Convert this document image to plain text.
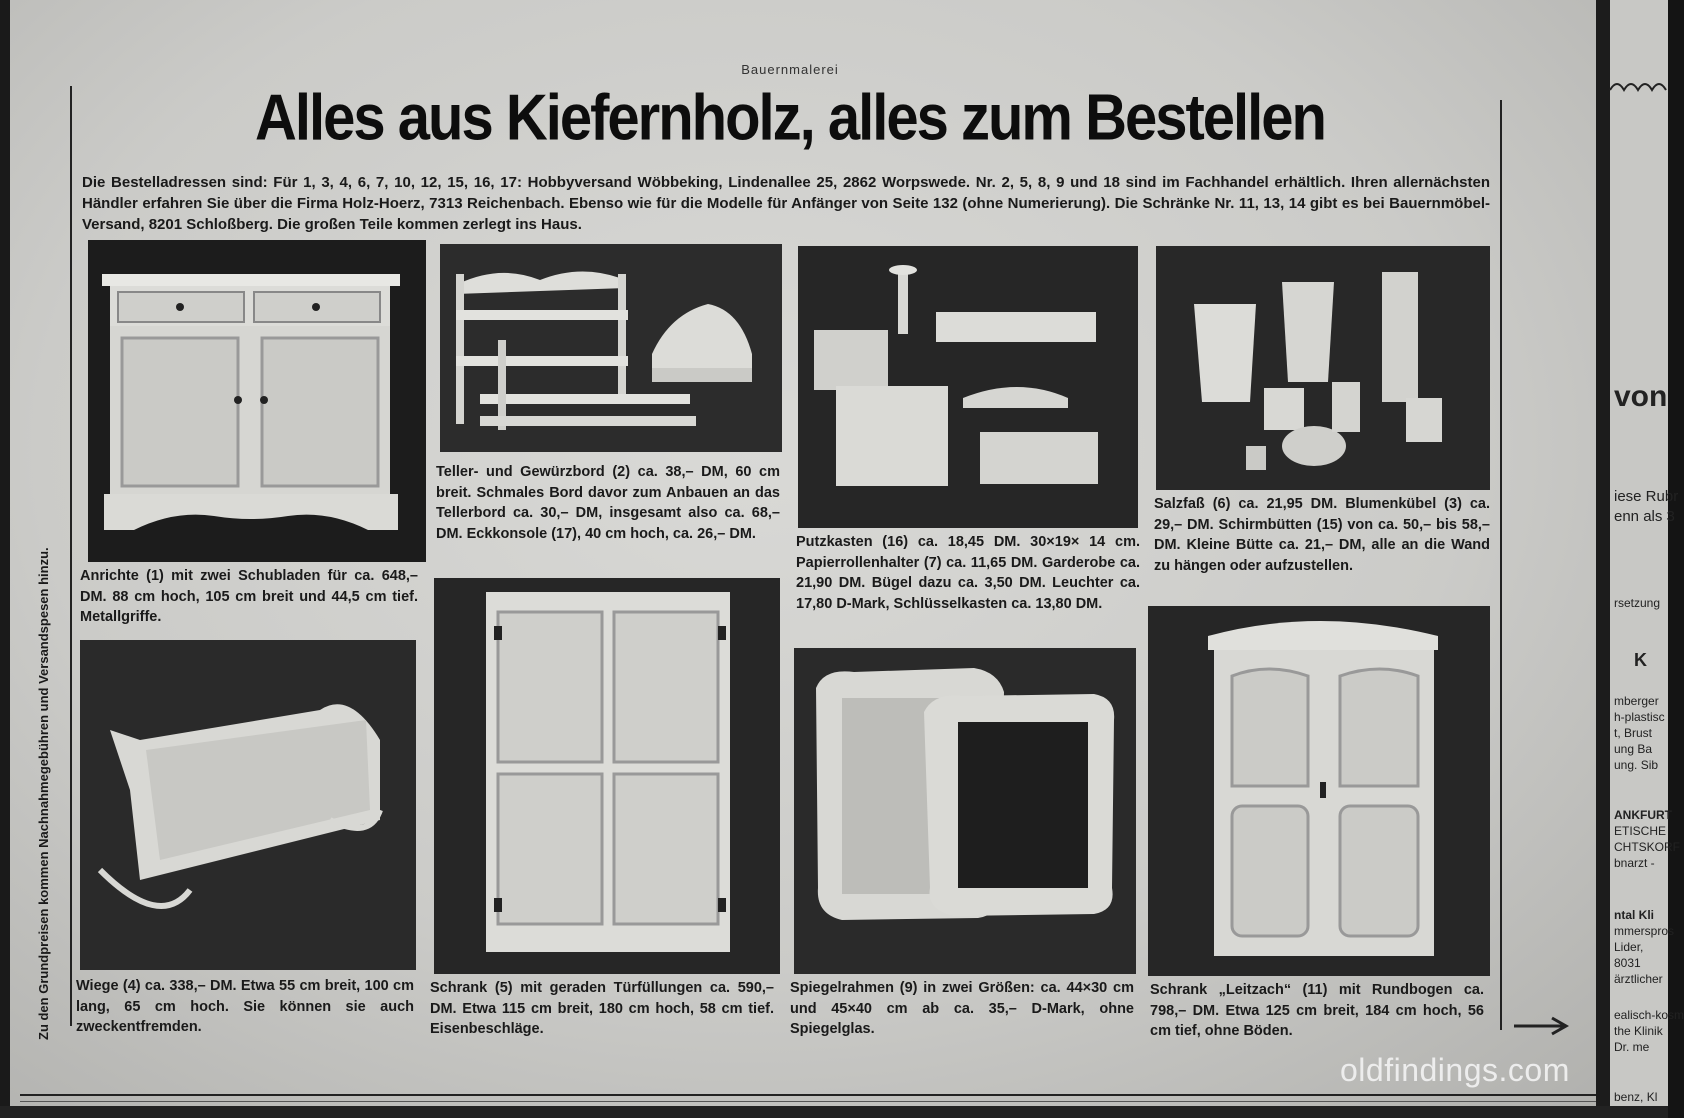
Bauernmalerei
Alles aus Kiefernholz, alles zum Bestellen
Die Bestelladressen sind: Für 1, 3, 4, 6, 7, 10, 12, 15, 16, 17: Hobbyversand Wöbbeking, Lindenallee 25, 2862 Worpswede. Nr. 2, 5, 8, 9 und 18 sind im Fachhandel erhältlich. Ihren allernächsten Händler erfahren Sie über die Firma Holz-Hoerz, 7313 Reichenbach. Ebenso wie für die Modelle für Anfänger von Seite 132 (ohne Numerierung). Die Schränke Nr. 11, 13, 14 gibt es bei Bauernmöbel-Versand, 8201 Schloßberg. Die großen Teile kommen zerlegt ins Haus.
Zu den Grundpreisen kommen Nachnahmegebühren und Versandspesen hinzu.	Anrichte (1) mit zwei Schubladen für ca. 648,– DM. 88 cm hoch, 105 cm breit und 44,5 cm tief. Metallgriffe.
Teller- und Gewürzbord (2) ca. 38,– DM, 60 cm breit. Schmales Bord davor zum Anbauen an das Tellerbord ca. 30,– DM, insgesamt also ca. 68,– DM. Eckkonsole (17), 40 cm hoch, ca. 26,– DM.
Putzkasten (16) ca. 18,45 DM. 30×19× 14 cm. Papierrollenhalter (7) ca. 11,65 DM. Garderobe ca. 21,90 DM. Bügel dazu ca. 3,50 DM. Leuchter ca. 17,80 D-Mark, Schlüsselkasten ca. 13,80 DM.
Salzfaß (6) ca. 21,95 DM. Blumenkübel (3) ca. 29,– DM. Schirmbütten (15) von ca. 50,– bis 58,– DM. Kleine Bütte ca. 21,– DM, alle an die Wand zu hängen oder aufzustellen.
Wiege (4) ca. 338,– DM. Etwa 55 cm breit, 100 cm lang, 65 cm hoch. Sie können sie auch zweckentfremden.
Schrank (5) mit geraden Türfüllungen ca. 590,– DM. Etwa 115 cm breit, 180 cm hoch, 58 cm tief. Eisenbeschläge.
Spiegelrahmen (9) in zwei Größen: ca. 44×30 cm und 45×40 cm ab ca. 35,– D-Mark, ohne Spiegelglas.
Schrank „Leitzach“ (11) mit Rundbogen ca. 798,– DM. Etwa 125 cm breit, 184 cm hoch, 56 cm tief, ohne Böden.
von
iese Rubr
enn als 3
rsetzung
K
mberger
h-plastisc
t, Brust
ung Ba
ung. Sib
ANKFURT
ETISCHE
CHTSKORF
bnarzt -
ntal Kli
mmerspros
Lider,
8031
ärztlicher
ealisch-kosm
the Klinik
Dr. me
benz, Kl
oldfindings.com
